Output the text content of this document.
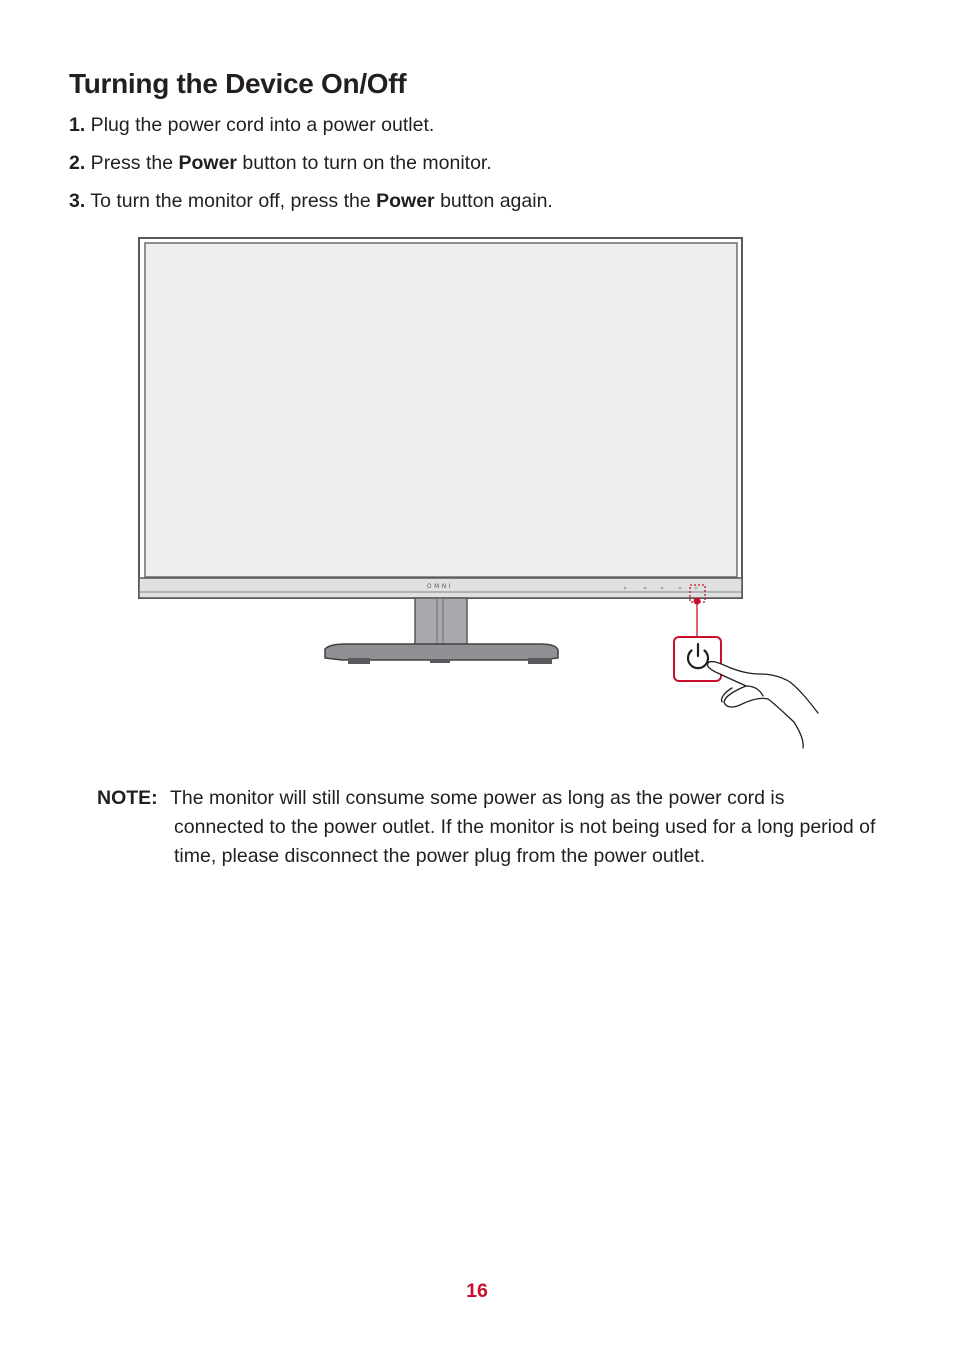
Turning the Device On/Off
1. Plug the power cord into a power outlet.
2. Press the Power button to turn on the monitor.
3. To turn the monitor off, press the Power button again.
OMNI
NOTE: The monitor will still consume some power as long as the power cord is connected to the power outlet. If the monitor is not being used for a long period of time, please disconnect the power plug from the power outlet.
16
